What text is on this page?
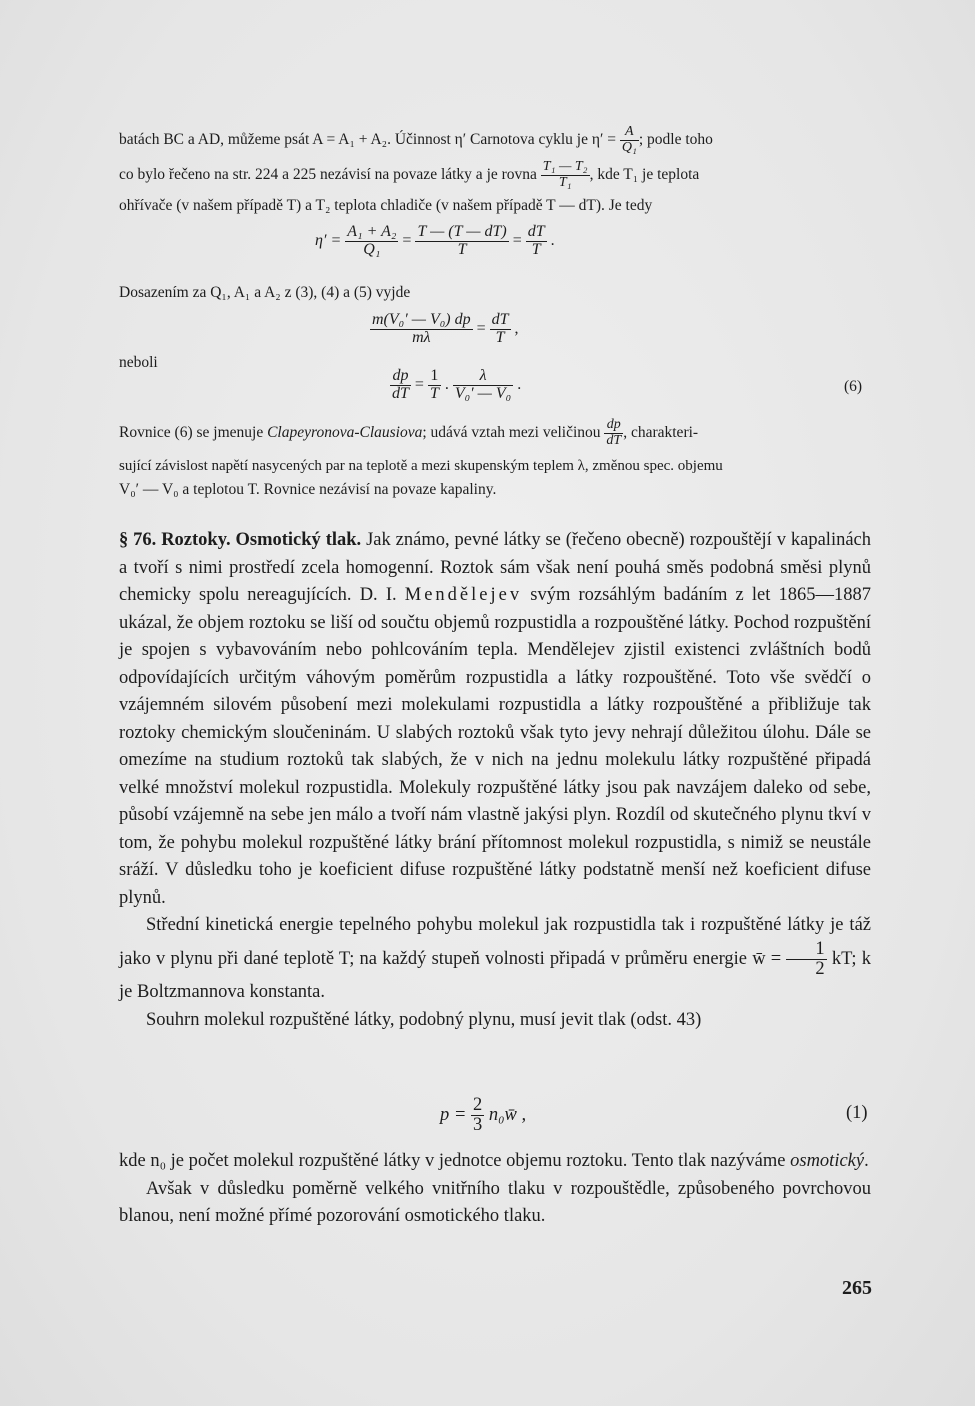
batách BC a AD, můžeme psát A = A₁ + A₂. Účinnost η′ Carnotova cyklu je $\eta' = \frac{A}{\text{Q₁}}$ ; podle toho
co bylo řečeno na str. 224 a 225 nezávisí na povaze látky a je rovna $\frac{\text{T₁ — T₂}}{\text{T₁}}$ , kde T₁ je teplota
ohřívače (v našem případě T) a T₂ teplota chladiče (v našem případě T — dT). Je tedy
$\eta' = \frac{\text{A₁ + A₂}}{\text{Q₁}} = \frac{T — (T — dT)}{T} = \frac{dT}{T}$ .
Dosazením za Q₁, A₁ a A₂ z (3), (4) a (5) vyjde
$\frac{\text{m(V₀′ — V₀) dp}}{m\lambda} = \frac{dT}{T}$ ,
neboli
$\frac{dp}{dT} = \frac{1}{T}$ . $\frac{\lambda}{\text{V₀′ — V₀}}$ .	(6)
Rovnice (6) se jmenuje Clapeyronova-Clausiova; udává vztah mezi veličinou $\frac{dp}{dT}$ , charakteri-
sující závislost napětí nasycených par na teplotě a mezi skupenským teplem λ, změnou spec. objemu
V₀′ — V₀ a teplotou T. Rovnice nezávisí na povaze kapaliny.

§ 76. Roztoky. Osmotický tlak. Jak známo, pevné látky se (řečeno obecně) rozpouštějí v kapalinách a tvoří s nimi prostředí zcela homogenní. Roztok sám však není pouhá směs podobná směsi plynů chemicky spolu nereagujících. D. I. Mendělejev svým rozsáhlým badáním z let 1865—1887 ukázal, že objem roztoku se liší od součtu objemů rozpustidla a rozpouštěné látky. Pochod rozpuštění je spojen s vybavováním nebo pohlcováním tepla. Mendělejev zjistil existenci zvláštních bodů odpovídajících určitým váhovým poměrům rozpustidla a látky rozpouštěné. Toto vše svědčí o vzájemném silovém působení mezi molekulami rozpustidla a látky rozpouštěné a přibližuje tak roztoky chemickým sloučeninám. U slabých roztoků však tyto jevy nehrají důležitou úlohu. Dále se omezíme na studium roztoků tak slabých, že v nich na jednu molekulu látky rozpuštěné připadá velké množství molekul rozpustidla. Molekuly rozpuštěné látky jsou pak navzájem daleko od sebe, působí vzájemně na sebe jen málo a tvoří nám vlastně jakýsi plyn. Rozdíl od skutečného plynu tkví v tom, že pohybu molekul rozpuštěné látky brání přítomnost molekul rozpustidla, s nimiž se neustále sráží. V důsledku toho je koeficient difuse rozpuštěné látky podstatně menší než koeficient difuse plynů.

Střední kinetická energie tepelného pohybu molekul jak rozpustidla tak i rozpuštěné látky je táž jako v plynu při dané teplotě T; na každý stupeň volnosti připadá v průměru energie w̄ = $\frac{1}{2}$ kT; k je Boltzmannova konstanta.

Souhrn molekul rozpuštěné látky, podobný plynu, musí jevit tlak (odst. 43)

$p = \frac{2}{3}$ n₀w̄ ,	(1)

kde n₀ je počet molekul rozpuštěné látky v jednotce objemu roztoku. Tento tlak nazýváme osmotický.

Avšak v důsledku poměrně velkého vnitřního tlaku v rozpouštědle, způsobeného povrchovou blanou, není možné přímé pozorování osmotického tlaku.

265
